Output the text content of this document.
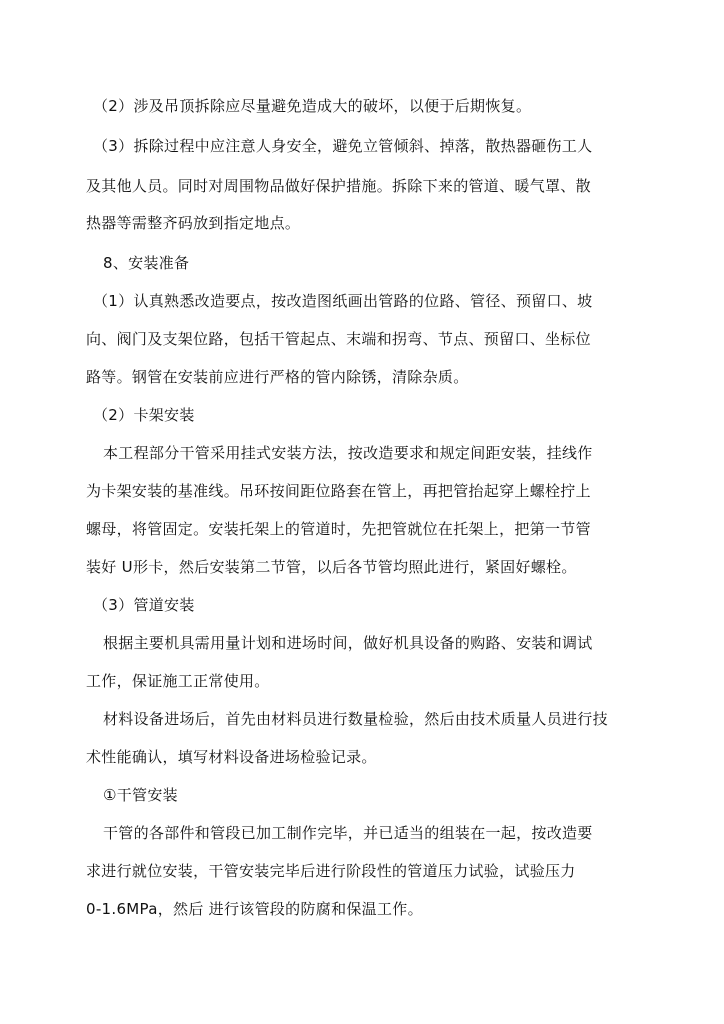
（2）涉及吊顶拆除应尽量避免造成大的破坏，以便于后期恢复。
（3）拆除过程中应注意人身安全，避免立管倾斜、掉落，散热器砸伤工人
及其他人员。同时对周围物品做好保护措施。拆除下来的管道、暖气罩、散
热器等需整齐码放到指定地点。
8、安装准备
（1）认真熟悉改造要点，按改造图纸画出管路的位路、管径、预留口、坡
向、阀门及支架位路，包括干管起点、末端和拐弯、节点、预留口、坐标位
路等。钢管在安装前应进行严格的管内除锈，清除杂质。
（2）卡架安装
本工程部分干管采用挂式安装方法，按改造要求和规定间距安装，挂线作
为卡架安装的基准线。吊环按间距位路套在管上，再把管抬起穿上螺栓拧上
螺母，将管固定。安装托架上的管道时，先把管就位在托架上，把第一节管
装好 U形卡，然后安装第二节管，以后各节管均照此进行，紧固好螺栓。
（3）管道安装
根据主要机具需用量计划和进场时间，做好机具设备的购路、安装和调试
工作，保证施工正常使用。
材料设备进场后，首先由材料员进行数量检验，然后由技术质量人员进行技
术性能确认，填写材料设备进场检验记录。
①干管安装
干管的各部件和管段已加工制作完毕，并已适当的组装在一起，按改造要
求进行就位安装，干管安装完毕后进行阶段性的管道压力试验，试验压力
0-1.6MPa，然后 进行该管段的防腐和保温工作。
